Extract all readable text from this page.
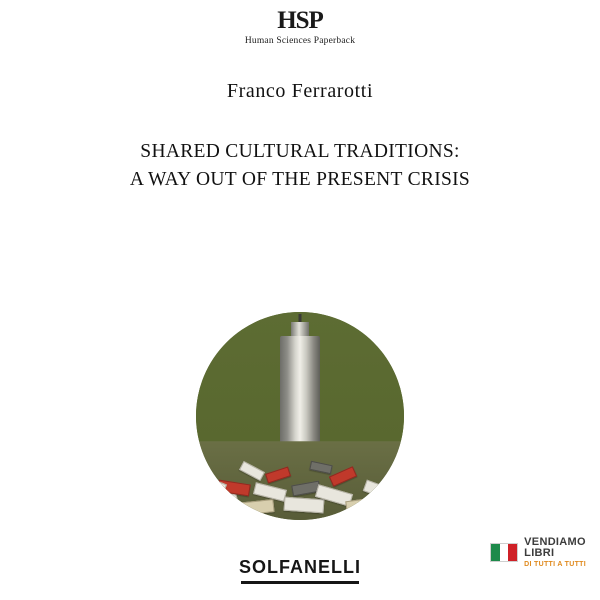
HSP
Human Sciences Paperback
Franco Ferrarotti
SHARED CULTURAL TRADITIONS:
A WAY OUT OF THE PRESENT CRISIS
VENDIAMO
LIBRI
DI TUTTI A TUTTI
SOLFANELLI
